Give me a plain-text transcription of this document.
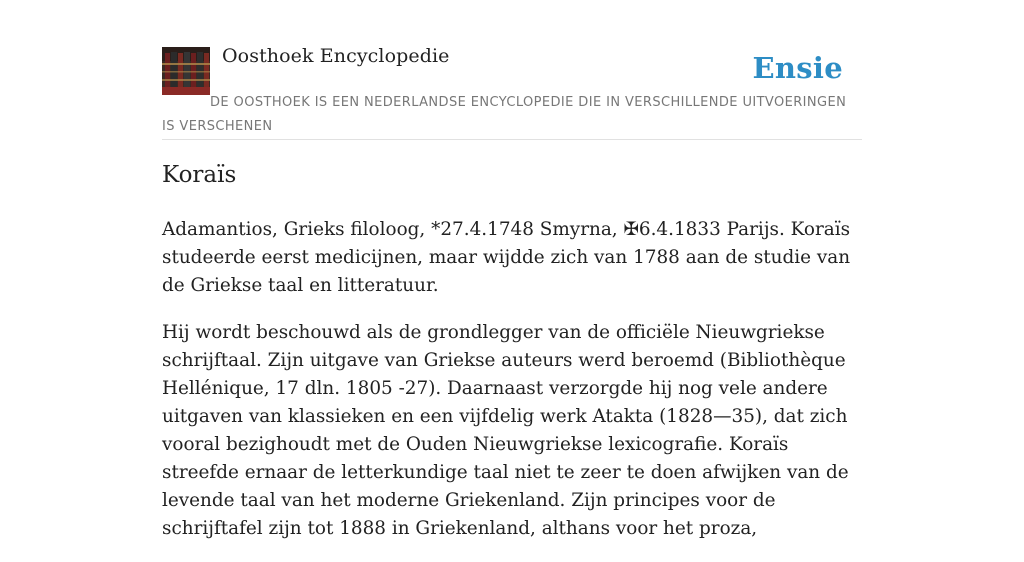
Oosthoek Encyclopedie	Ensie
DE OOSTHOEK IS EEN NEDERLANDSE ENCYCLOPEDIE DIE IN VERSCHILLENDE UITVOERINGEN IS VERSCHENEN
Koraïs

Adamantios, Grieks filoloog, *27.4.1748 Smyrna, ✠6.4.1833 Parijs. Koraïs studeerde eerst medicijnen, maar wijdde zich van 1788 aan de studie van de Griekse taal en litteratuur.

Hij wordt beschouwd als de grondlegger van de officiële Nieuwgriekse schrijftaal. Zijn uitgave van Griekse auteurs werd beroemd (Bibliothèque Hellénique, 17 dln. 1805 -27). Daarnaast verzorgde hij nog vele andere uitgaven van klassieken en een vijfdelig werk Atakta (1828—35), dat zich vooral bezighoudt met de Ouden Nieuwgriekse lexicografie. Koraïs streefde ernaar de letterkundige taal niet te zeer te doen afwijken van de levende taal van het moderne Griekenland. Zijn principes voor de schrijftafel zijn tot 1888 in Griekenland, althans voor het proza,
